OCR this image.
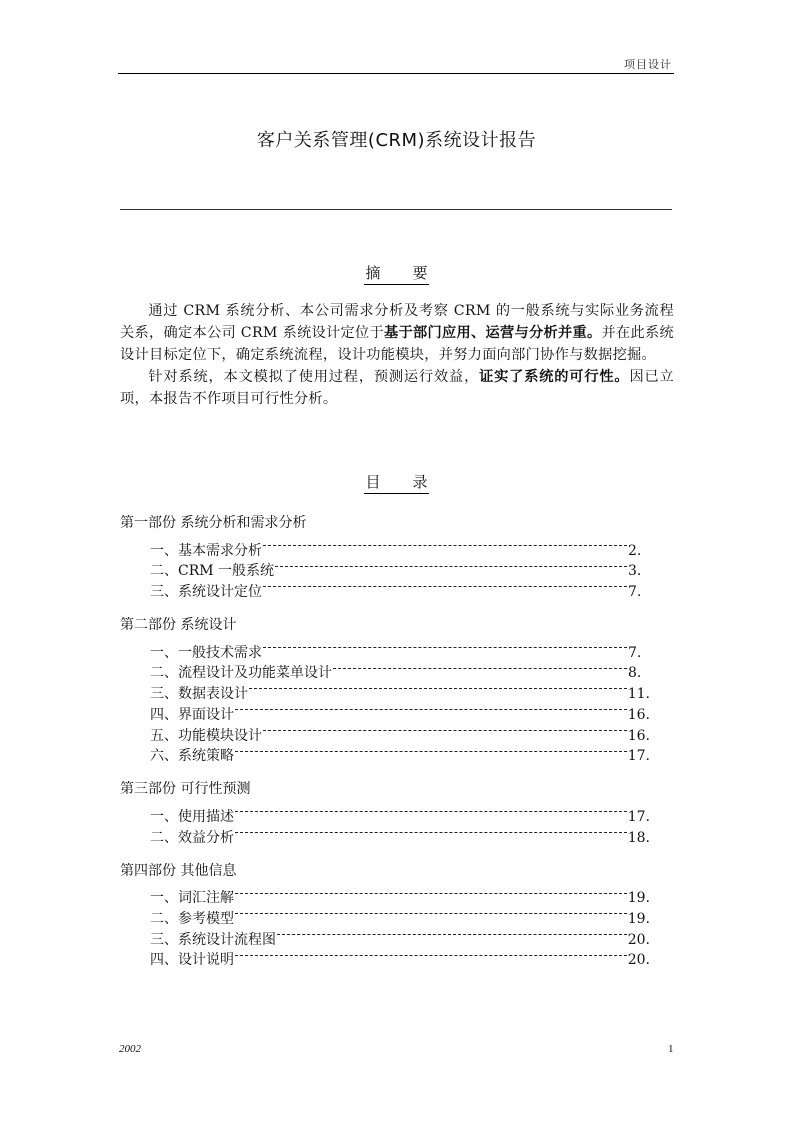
项目设计
客户关系管理(CRM)系统设计报告
摘 要

通过 CRM 系统分析、本公司需求分析及考察 CRM 的一般系统与实际业务流程关系，确定本公司 CRM 系统设计定位于基于部门应用、运营与分析并重。并在此系统设计目标定位下，确定系统流程，设计功能模块，并努力面向部门协作与数据挖掘。

针对系统，本文模拟了使用过程，预测运行效益，证实了系统的可行性。因已立项，本报告不作项目可行性分析。

目 录
第一部份 系统分析和需求分析
一、基本需求分析	2.
二、CRM 一般系统	3.
三、系统设计定位	7.
第二部份 系统设计
一、一般技术需求	7.
二、流程设计及功能菜单设计	8.
三、数据表设计	11.
四、界面设计	16.
五、功能模块设计	16.
六、系统策略	17.
第三部份 可行性预测
一、使用描述	17.
二、效益分析	18.
第四部份 其他信息
一、词汇注解	19.
二、参考模型	19.
三、系统设计流程图	20.
四、设计说明	20.
2002	1
